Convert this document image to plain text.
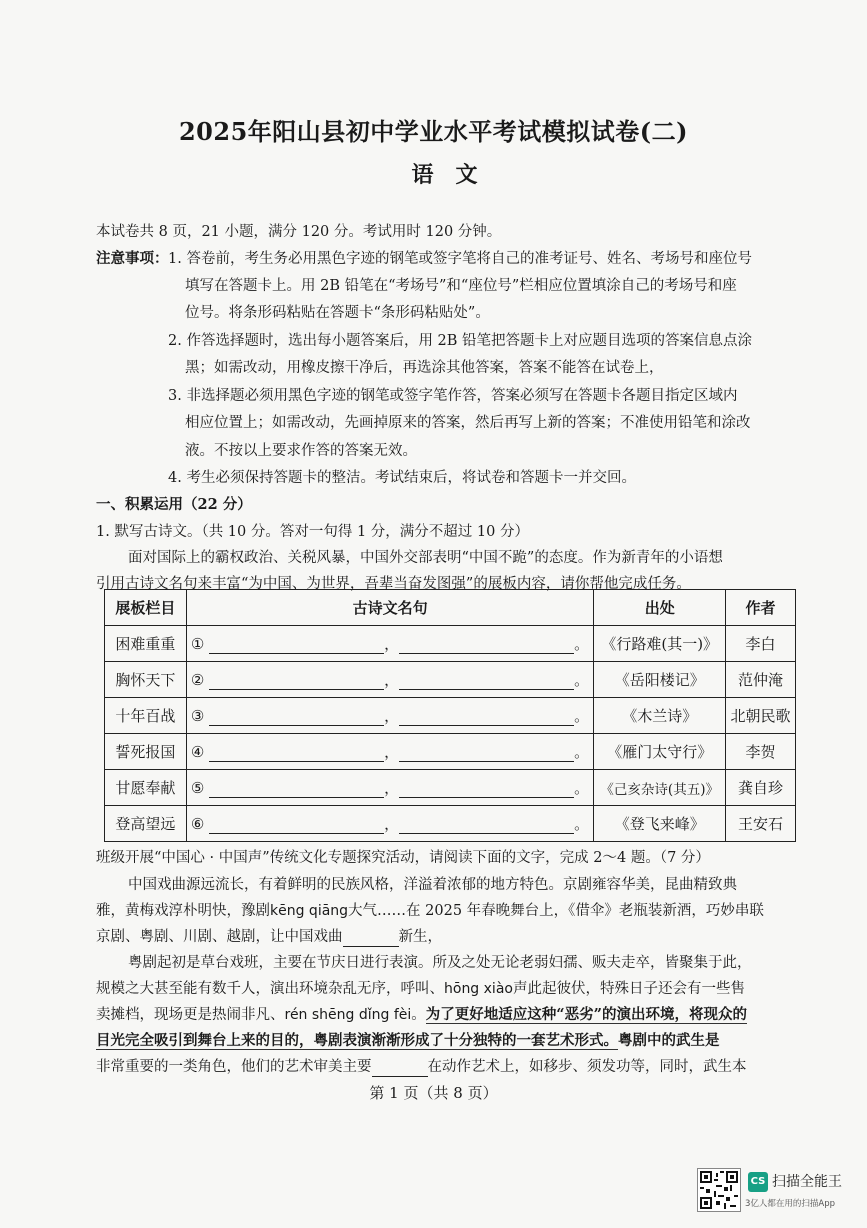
2025年阳山县初中学业水平考试模拟试卷(二)
语文
本试卷共 8 页，21 小题，满分 120 分。考试用时 120 分钟。
注意事项： 1. 答卷前，考生务必用黑色字迹的钢笔或签字笔将自己的准考证号、姓名、考场号和座位号
填写在答题卡上。用 2B 铅笔在“考场号”和“座位号”栏相应位置填涂自己的考场号和座
位号。将条形码粘贴在答题卡“条形码粘贴处”。
2. 作答选择题时，选出每小题答案后，用 2B 铅笔把答题卡上对应题目选项的答案信息点涂
黑；如需改动，用橡皮擦干净后，再选涂其他答案，答案不能答在试卷上，
3. 非选择题必须用黑色字迹的钢笔或签字笔作答，答案必须写在答题卡各题目指定区域内
相应位置上；如需改动，先画掉原来的答案，然后再写上新的答案；不准使用铅笔和涂改
液。不按以上要求作答的答案无效。
4. 考生必须保持答题卡的整洁。考试结束后，将试卷和答题卡一并交回。
一、积累运用（22 分）
1. 默写古诗文。（共 10 分。答对一句得 1 分，满分不超过 10 分）
面对国际上的霸权政治、关税风暴，中国外交部表明“中国不跪”的态度。作为新青年的小语想
引用古诗文名句来丰富“为中国、为世界，吾辈当奋发图强”的展板内容，请你帮他完成任务。
展板栏目	古诗文名句	出处	作者
困难重重	① ， 。	《行路难(其一)》	李白
胸怀天下	② ， 。	《岳阳楼记》	范仲淹
十年百战	③ ， 。	《木兰诗》	北朝民歌
誓死报国	④ ， 。	《雁门太守行》	李贺
甘愿奉献	⑤ ， 。	《己亥杂诗(其五)》	龚自珍
登高望远	⑥ ， 。	《登飞来峰》	王安石
班级开展“中国心 · 中国声”传统文化专题探究活动，请阅读下面的文字，完成 2～4 题。（7 分）
中国戏曲源远流长，有着鲜明的民族风格，洋溢着浓郁的地方特色。京剧雍容华美，昆曲精致典
雅，黄梅戏淳朴明快，豫剧kēng qiāng大气……在 2025 年春晚舞台上，《借伞》老瓶装新酒，巧妙串联
京剧、粤剧、川剧、越剧，让中国戏曲	新生，
粤剧起初是草台戏班，主要在节庆日进行表演。所及之处无论老弱妇孺、贩夫走卒，皆聚集于此，
规模之大甚至能有数千人，演出环境杂乱无序，呼叫、hōng xiào声此起彼伏，特殊日子还会有一些售
卖摊档，现场更是热闹非凡、rén shēng dǐng fèi。为了更好地适应这种“恶劣”的演出环境，将现众的
目光完全吸引到舞台上来的目的，粤剧表演渐渐形成了十分独特的一套艺术形式。粤剧中的武生是
非常重要的一类角色，他们的艺术审美主要	在动作艺术上，如移步、须发功等，同时，武生本
第 1 页（共 8 页）
CS 扫描全能王
3亿人都在用的扫描App
